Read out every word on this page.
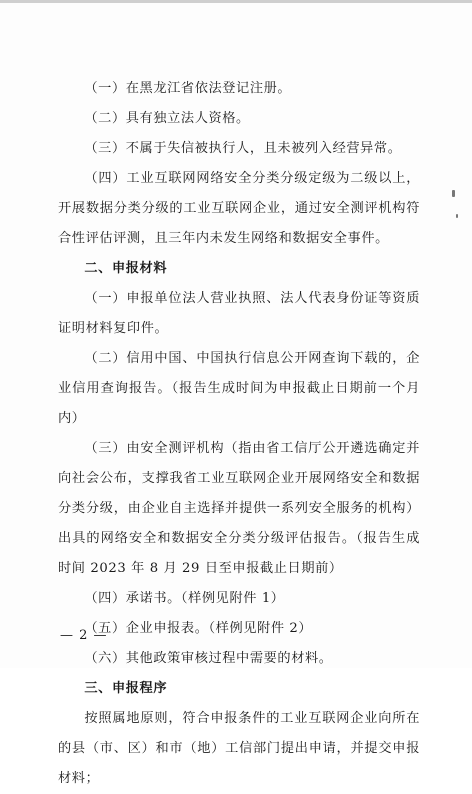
（一）在黑龙江省依法登记注册。

（二）具有独立法人资格。

（三）不属于失信被执行人，且未被列入经营异常。

（四）工业互联网网络安全分类分级定级为二级以上，开展数据分类分级的工业互联网企业，通过安全测评机构符合性评估评测，且三年内未发生网络和数据安全事件。

二、申报材料

（一）申报单位法人营业执照、法人代表身份证等资质证明材料复印件。

（二）信用中国、中国执行信息公开网查询下载的，企业信用查询报告。（报告生成时间为申报截止日期前一个月内）

（三）由安全测评机构（指由省工信厅公开遴选确定并向社会公布，支撑我省工业互联网企业开展网络安全和数据分类分级，由企业自主选择并提供一系列安全服务的机构）出具的网络安全和数据安全分类分级评估报告。（报告生成时间 2023 年 8 月 29 日至申报截止日期前）

（四）承诺书。（样例见附件 1）

（五）企业申报表。（样例见附件 2）

（六）其他政策审核过程中需要的材料。

三、申报程序

按照属地原则，符合申报条件的工业互联网企业向所在的县（市、区）和市（地）工信部门提出申请，并提交申报材料；

— 2 —
